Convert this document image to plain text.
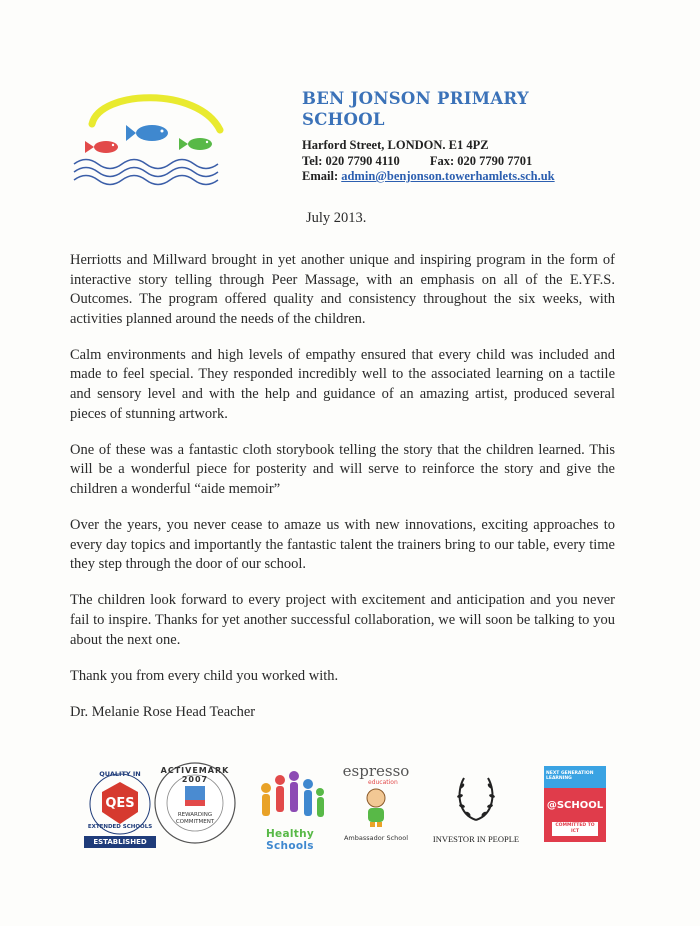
BEN JONSON PRIMARY SCHOOL
Harford Street, LONDON. E1 4PZ
Tel: 020 7790 4110 Fax: 020 7790 7701
Email: admin@benjonson.towerhamlets.sch.uk
July 2013.

Herriotts and Millward brought in yet another unique and inspiring program in the form of interactive story telling through Peer Massage, with an emphasis on all of the E.YF.S. Outcomes. The program offered quality and consistency throughout the six weeks, with activities planned around the needs of the children.

Calm environments and high levels of empathy ensured that every child was included and made to feel special. They responded incredibly well to the associated learning on a tactile and sensory level and with the help and guidance of an amazing artist, produced several pieces of stunning artwork.

One of these was a fantastic cloth storybook telling the story that the children learned. This will be a wonderful piece for posterity and will serve to reinforce the story and give the children a wonderful “aide memoir”

Over the years, you never cease to amaze us with new innovations, exciting approaches to every day topics and importantly the fantastic talent the trainers bring to our table, every time they step through the door of our school.

The children look forward to every project with excitement and anticipation and you never fail to inspire. Thanks for yet another successful collaboration, we will soon be talking to you about the next one.

Thank you from every child you worked with.

Dr. Melanie Rose Head Teacher

QUALITY IN
QES
EXTENDED SCHOOLS
ESTABLISHED
ACTIVEMARK 2007
REWARDING
COMMITMENT
Healthy Schools
espresso
education
Ambassador School	INVESTOR IN PEOPLE
NEXT GENERATION LEARNING
@SCHOOL
COMMITTED TO ICT
